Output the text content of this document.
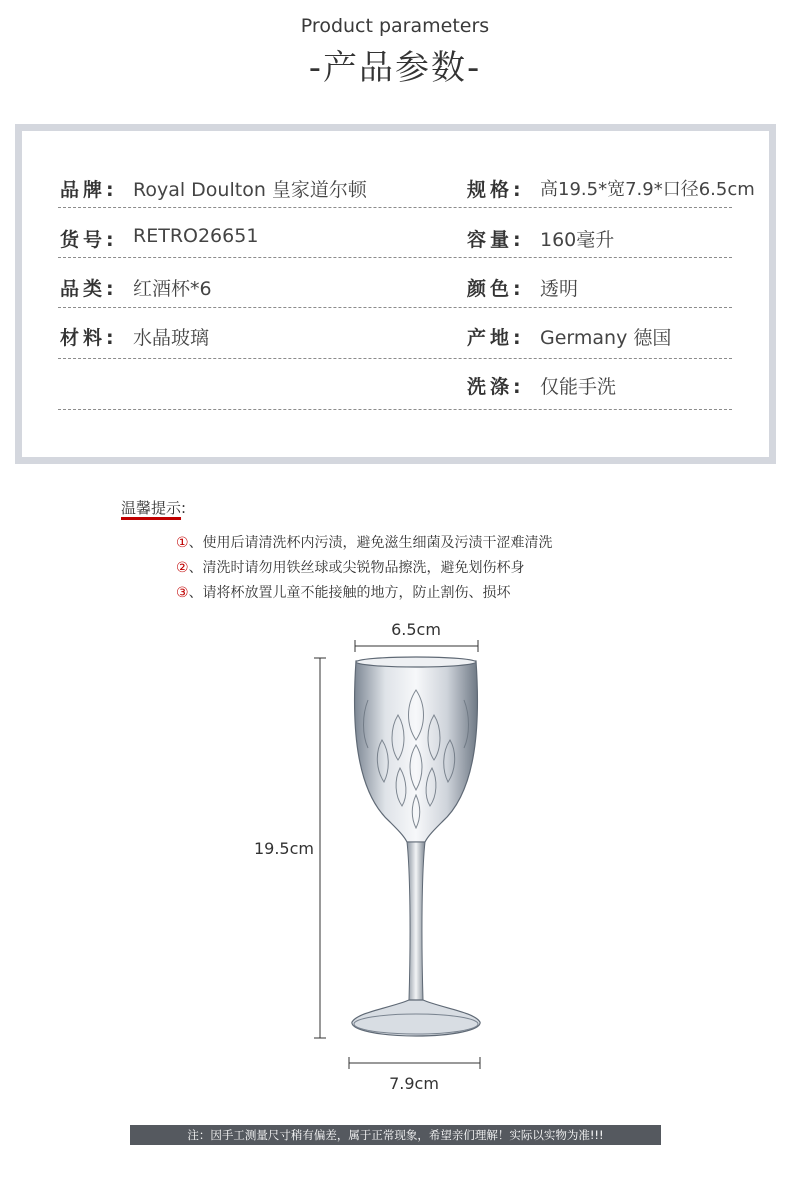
Product parameters
-产品参数-
品牌: Royal Doulton 皇家道尔顿
货号: RETRO26651
品类: 红酒杯*6
材料: 水晶玻璃
规格: 高19.5*宽7.9*口径6.5cm
容量: 160毫升
颜色: 透明
产地: Germany 德国
洗涤: 仅能手洗
温馨提示:
①、使用后请清洗杯内污渍，避免滋生细菌及污渍干涩难清洗
②、清洗时请勿用铁丝球或尖锐物品擦洗，避免划伤杯身
③、请将杯放置儿童不能接触的地方，防止割伤、损坏
6.5cm
19.5cm
7.9cm
注：因手工测量尺寸稍有偏差，属于正常现象，希望亲们理解！实际以实物为准!!!
